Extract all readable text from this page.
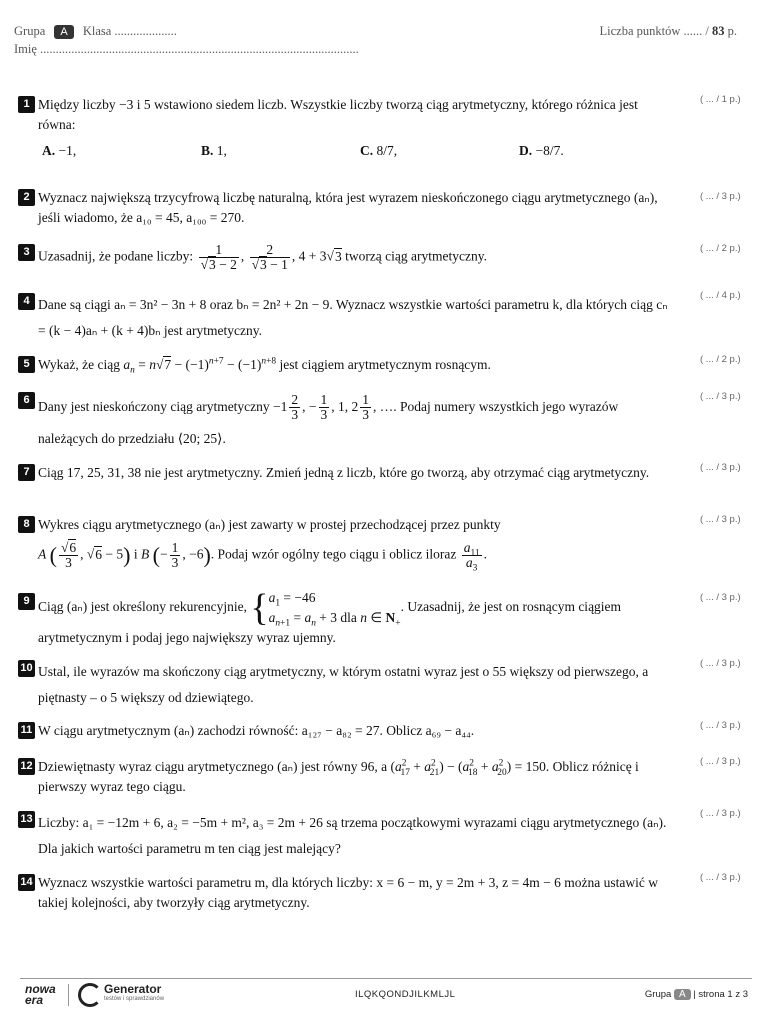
Grupa A Klasa ....................	Liczba punktów ...... / 83 p.
Imię ......................................................................................................
1 Między liczby −3 i 5 wstawiono siedem liczb. Wszystkie liczby tworzą ciąg arytmetyczny, którego różnica jest równa:
A. −1,	B. 1,	C. 8/7,	D. −8/7.
( ... / 1 p.)
2 Wyznacz największą trzycyfrową liczbę naturalną, która jest wyrazem nieskończonego ciągu arytmetycznego (aₙ), jeśli wiadomo, że a₁₀ = 45, a₁₀₀ = 270.
( ... / 3 p.)
3 Uzasadnij, że podane liczby: $\frac{1}{√3 - 2}$ , $\frac{2}{√3 - 1}$ , 4 + 3√3 tworzą ciąg arytmetyczny.
( ... / 2 p.)
4 Dane są ciągi aₙ = 3n² − 3n + 8 oraz bₙ = 2n² + 2n − 9. Wyznacz wszystkie wartości parametru k, dla których ciąg cₙ = (k − 4)aₙ + (k + 4)bₙ jest arytmetyczny.
( ... / 4 p.)
5 Wykaż, że ciąg $a_n = n√7 - (-1)^{n+7} - (-1)^{n+8}$ jest ciągiem arytmetycznym rosnącym.	( ... / 2 p.)
6 Dany jest nieskończony ciąg arytmetyczny $-1 \frac{2}{3}$ , − $\frac{1}{3}$ , 1, $2 \frac{1}{3}$ , …. Podaj numery wszystkich jego wyrazów należących do przedziału ⟨20; 25⟩.
( ... / 3 p.)
7 Ciąg 17, 25, 31, 38 nie jest arytmetyczny. Zmień jedną z liczb, które go tworzą, aby otrzymać ciąg arytmetyczny.	( ... / 3 p.)
8 Wykres ciągu arytmetycznego (aₙ) jest zawarty w prostej przechodzącej przez punkty
A ( $\frac{√6}{3}$ , √6 − 5) i B (− $\frac{1}{3}$ , −6). Podaj wzór ogólny tego ciągu i oblicz iloraz $\frac{a_{11}}{a_3}$ .
( ... / 3 p.)
9 Ciąg (aₙ) jest określony rekurencyjnie, {$a_1 = -46$
$a_{n+1} = a_n + 3$ dla n ∈ $N_+$. Uzasadnij, że jest on rosnącym ciągiem arytmetycznym i podaj jego największy wyraz ujemny.
( ... / 3 p.)
10 Ustal, ile wyrazów ma skończony ciąg arytmetyczny, w którym ostatni wyraz jest o 55 większy od pierwszego, a piętnasty – o 5 większy od dziewiątego.
( ... / 3 p.)
11 W ciągu arytmetycznym (aₙ) zachodzi równość: a₁₂₇ − a₈₂ = 27. Oblicz a₆₉ − a₄₄.	( ... / 3 p.)
12 Dziewiętnasty wyraz ciągu arytmetycznego (aₙ) jest równy 96, a $(a^2_{17} + a^2_{21}) - (a^2_{18} + a^2_{20}) = 150$. Oblicz różnicę i pierwszy wyraz tego ciągu.
( ... / 3 p.)
13 Liczby: a₁ = −12m + 6, a₂ = −5m + m², a₃ = 2m + 26 są trzema początkowymi wyrazami ciągu arytmetycznego (aₙ). Dla jakich wartości parametru m ten ciąg jest malejący?
( ... / 3 p.)
14 Wyznacz wszystkie wartości parametru m, dla których liczby: x = 6 − m, y = 2m + 3, z = 4m − 6 można ustawić w takiej kolejności, aby tworzyły ciąg arytmetyczny.
( ... / 3 p.)
nowa
era
Generator
testów i sprawdzianów	ILQKQONDJILKMLJL	Grupa A | strona 1 z 3
